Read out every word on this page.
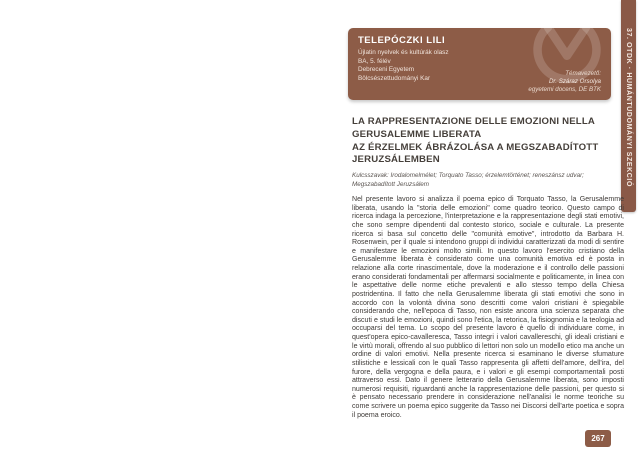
37. OTDK · HUMÁNTUDOMÁNYI SZEKCIÓ
TELEPÓCZKI LILI
Újlatin nyelvek és kultúrák olasz
BA, 5. félév
Debreceni Egyetem
Bölcsészettudományi Kar
Témavezető:
Dr. Száraz Orsolya
egyetemi docens, DE BTK
LA RAPPRESENTAZIONE DELLE EMOZIONI NELLA
GERUSALEMME LIBERATA
AZ ÉRZELMEK ÁBRÁZOLÁSA A MEGSZABADÍTOTT
JERUZSÁLEMBEN
Kulcsszavak: Irodalomelmélet; Torquato Tasso; érzelemtörténet; reneszánsz udvar; Megszabadított Jeruzsálem
Nel presente lavoro si analizza il poema epico di Torquato Tasso, la Gerusalemme liberata, usando la "storia delle emozioni" come quadro teorico. Questo campo di ricerca indaga la percezione, l'interpretazione e la rappresentazione degli stati emotivi, che sono sempre dipendenti dal contesto storico, sociale e culturale. La presente ricerca si basa sul concetto delle "comunità emotive", introdotto da Barbara H. Rosenwein, per il quale si intendono gruppi di individui caratterizzati da modi di sentire e manifestare le emozioni molto simili. In questo lavoro l'esercito cristiano della Gerusalemme liberata è considerato come una comunità emotiva ed è posta in relazione alla corte rinascimentale, dove la moderazione e il controllo delle passioni erano considerati fondamentali per affermarsi socialmente e politicamente, in linea con le aspettative delle norme etiche prevalenti e allo stesso tempo della Chiesa postridentina. Il fatto che nella Gerusalemme liberata gli stati emotivi che sono in accordo con la volontà divina sono descritti come valori cristiani è spiegabile considerando che, nell'epoca di Tasso, non esiste ancora una scienza separata che discuti e studi le emozioni, quindi sono l'etica, la retorica, la fisiognomia e la teologia ad occuparsi del tema. Lo scopo del presente lavoro è quello di individuare come, in quest'opera epico-cavalleresca, Tasso integri i valori cavallereschi, gli ideali cristiani e le virtù morali, offrendo al suo pubblico di lettori non solo un modello etico ma anche un ordine di valori emotivi. Nella presente ricerca si esaminano le diverse sfumature stilistiche e lessicali con le quali Tasso rappresenta gli affetti dell'amore, dell'ira, del furore, della vergogna e della paura, e i valori e gli esempi comportamentali posti attraverso essi. Dato il genere letterario della Gerusalemme liberata, sono imposti numerosi requisiti, riguardanti anche la rappresentazione delle passioni, per questo si è pensato necessario prendere in considerazione nell'analisi le norme teoriche su come scrivere un poema epico suggerite da Tasso nei Discorsi dell'arte poetica e sopra il poema eroico.
267
